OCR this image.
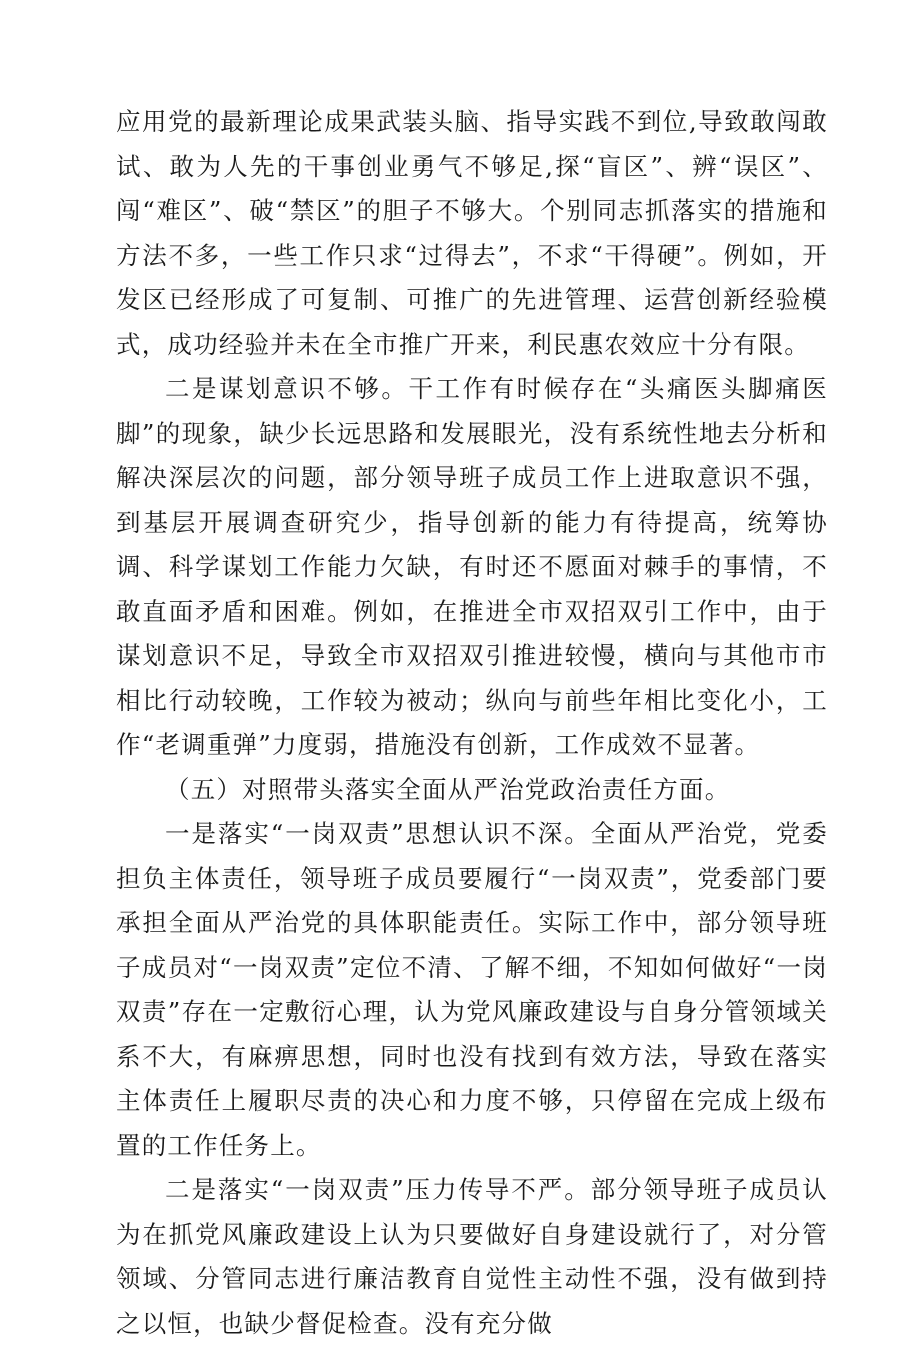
应用党的最新理论成果武装头脑、指导实践不到位,导致敢闯敢试、敢为人先的干事创业勇气不够足,探“盲区”、辨“误区”、闯“难区”、破“禁区”的胆子不够大。个别同志抓落实的措施和方法不多，一些工作只求“过得去”，不求“干得硬”。例如，开发区已经形成了可复制、可推广的先进管理、运营创新经验模式，成功经验并未在全市推广开来，利民惠农效应十分有限。

二是谋划意识不够。干工作有时候存在“头痛医头脚痛医脚”的现象，缺少长远思路和发展眼光，没有系统性地去分析和解决深层次的问题，部分领导班子成员工作上进取意识不强，到基层开展调查研究少，指导创新的能力有待提高，统筹协调、科学谋划工作能力欠缺，有时还不愿面对棘手的事情，不敢直面矛盾和困难。例如，在推进全市双招双引工作中，由于谋划意识不足，导致全市双招双引推进较慢，横向与其他市市相比行动较晚，工作较为被动；纵向与前些年相比变化小，工作“老调重弹”力度弱，措施没有创新，工作成效不显著。

（五）对照带头落实全面从严治党政治责任方面。

一是落实“一岗双责”思想认识不深。全面从严治党，党委担负主体责任，领导班子成员要履行“一岗双责”，党委部门要承担全面从严治党的具体职能责任。实际工作中，部分领导班子成员对“一岗双责”定位不清、了解不细，不知如何做好“一岗双责”存在一定敷衍心理，认为党风廉政建设与自身分管领域关系不大，有麻痹思想，同时也没有找到有效方法，导致在落实主体责任上履职尽责的决心和力度不够，只停留在完成上级布置的工作任务上。

二是落实“一岗双责”压力传导不严。部分领导班子成员认为在抓党风廉政建设上认为只要做好自身建设就行了，对分管领域、分管同志进行廉洁教育自觉性主动性不强，没有做到持之以恒，也缺少督促检查。没有充分做
